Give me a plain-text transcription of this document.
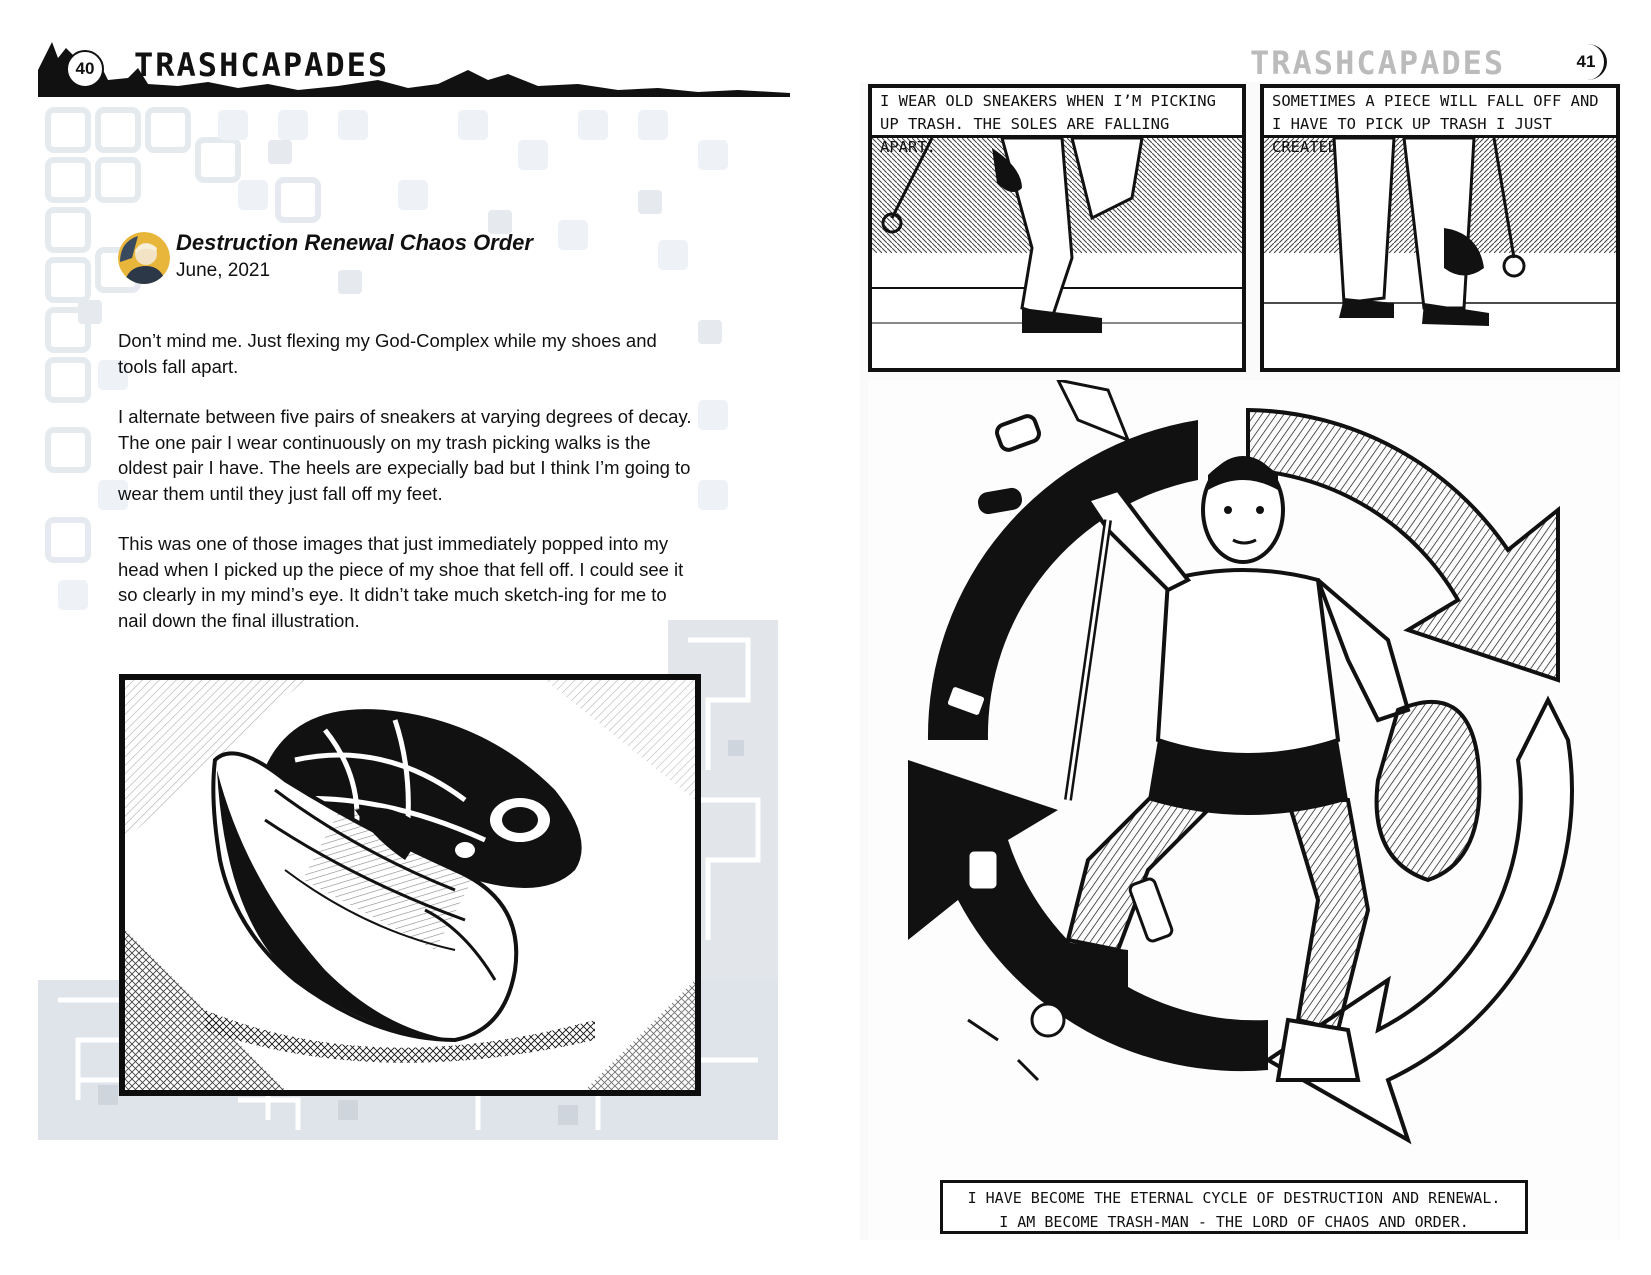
40 TRASHCAPADES
Destruction Renewal Chaos Order
June, 2021

Don’t mind me. Just flexing my God-Complex while my shoes and tools fall apart.

I alternate between five pairs of sneakers at varying degrees of decay. The one pair I wear continuously on my trash picking walks is the oldest pair I have. The heels are expecially bad but I think I’m going to wear them until they just fall off my feet.

This was one of those images that just immediately popped into my head when I picked up the piece of my shoe that fell off. I could see it so clearly in my mind’s eye. It didn’t take much sketch-ing for me to nail down the final illustration.

TRASHCAPADES	41
I WEAR OLD SNEAKERS WHEN I’M PICKING UP TRASH. THE SOLES ARE FALLING
SOMETIMES A PIECE WILL FALL OFF AND I HAVE TO PICK UP TRASH I JUST
I HAVE BECOME THE ETERNAL CYCLE OF DESTRUCTION AND RENEWAL.
I AM BECOME TRASH-MAN - THE LORD OF CHAOS AND ORDER.
